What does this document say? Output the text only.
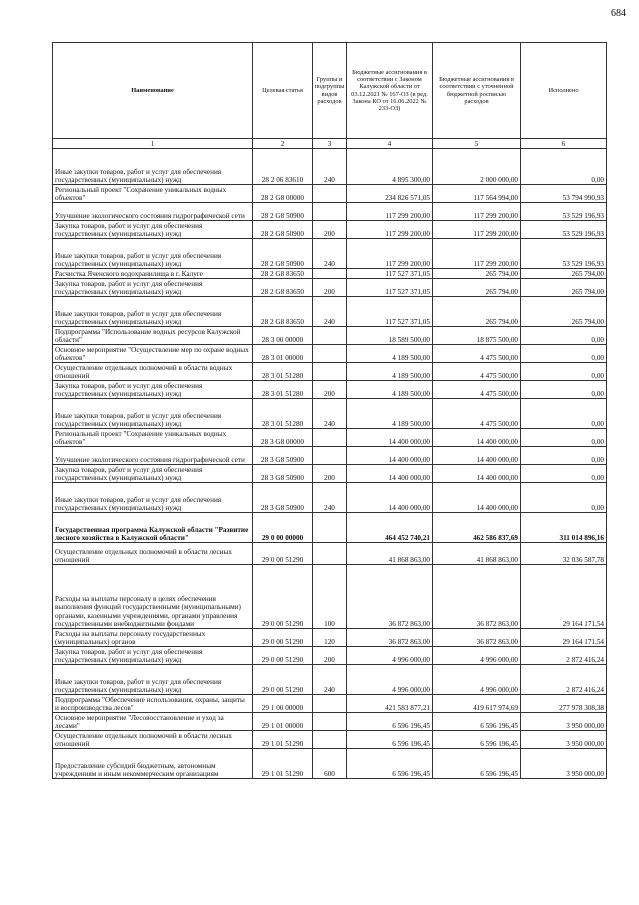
684
Наименование	Целевая статья	Группы и подгруппы видов расходов	Бюджетные ассигнования в соответствии с Законом Калужской области от 03.12.2021 № 167-ОЗ (в ред. Закона КО от 16.06.2022 № 233-ОЗ)	Бюджетные ассигнования в соответствии с уточненной бюджетной росписью расходов	Исполнено
1	2	3	4	5	6
Иные закупки товаров, работ и услуг для обеспечения государственных (муниципальных) нужд	28 2 06 83610	240	4 895 300,00	2 000 000,00	0,00
Региональный проект "Сохранение уникальных водных объектов"	28 2 G8 00000		234 826 571,05	117 564 994,00	53 794 990,93
Улучшение экологического состояния гидрографической сети	28 2 G8 50900		117 299 200,00	117 299 200,00	53 529 196,93
Закупка товаров, работ и услуг для обеспечения государственных (муниципальных) нужд	28 2 G8 50900	200	117 299 200,00	117 299 200,00	53 529 196,93
Иные закупки товаров, работ и услуг для обеспечения государственных (муниципальных) нужд	28 2 G8 50900	240	117 299 200,00	117 299 200,00	53 529 196,93
Расчистка Яченского водохранилища в г. Калуге	28 2 G8 83650		117 527 371,05	265 794,00	265 794,00
Закупка товаров, работ и услуг для обеспечения государственных (муниципальных) нужд	28 2 G8 83650	200	117 527 371,05	265 794,00	265 794,00
Иные закупки товаров, работ и услуг для обеспечения государственных (муниципальных) нужд	28 2 G8 83650	240	117 527 371,05	265 794,00	265 794,00
Подпрограмма "Использование водных ресурсов Калужской области"	28 3 00 00000		18 589 500,00	18 875 500,00	0,00
Основное мероприятие "Осуществление мер по охране водных объектов"	28 3 01 00000		4 189 500,00	4 475 500,00	0,00
Осуществление отдельных полномочий в области водных отношений	28 3 01 51280		4 189 500,00	4 475 500,00	0,00
Закупка товаров, работ и услуг для обеспечения государственных (муниципальных) нужд	28 3 01 51280	200	4 189 500,00	4 475 500,00	0,00
Иные закупки товаров, работ и услуг для обеспечения государственных (муниципальных) нужд	28 3 01 51280	240	4 189 500,00	4 475 500,00	0,00
Региональный проект "Сохранение уникальных водных объектов"	28 3 G8 00000		14 400 000,00	14 400 000,00	0,00
Улучшение экологического состояния гидрографической сети	28 3 G8 50900		14 400 000,00	14 400 000,00	0,00
Закупка товаров, работ и услуг для обеспечения государственных (муниципальных) нужд	28 3 G8 50900	200	14 400 000,00	14 400 000,00	0,00
Иные закупки товаров, работ и услуг для обеспечения государственных (муниципальных) нужд	28 3 G8 50900	240	14 400 000,00	14 400 000,00	0,00
Государственная программа Калужской области "Развитие лесного хозяйства в Калужской области"	29 0 00 00000		464 452 740,21	462 586 837,69	311 014 896,16
Осуществление отдельных полномочий в области лесных отношений	29 0 00 51290		41 868 863,00	41 868 863,00	32 036 587,78
Расходы на выплаты персоналу в целях обеспечения выполнения функций государственными (муниципальными) органами, казенными учреждениями, органами управления государственными внебюджетными фондами	29 0 00 51290	100	36 872 863,00	36 872 863,00	29 164 171,54
Расходы на выплаты персоналу государственных (муниципальных) органов	29 0 00 51290	120	36 872 863,00	36 872 863,00	29 164 171,54
Закупка товаров, работ и услуг для обеспечения государственных (муниципальных) нужд	29 0 00 51290	200	4 996 000,00	4 996 000,00	2 872 416,24
Иные закупки товаров, работ и услуг для обеспечения государственных (муниципальных) нужд	29 0 00 51290	240	4 996 000,00	4 996 000,00	2 872 416,24
Подпрограмма "Обеспечение использования, охраны, защиты и воспроизводства лесов"	29 1 00 00000		421 583 877,21	419 617 974,69	277 978 308,38
Основное мероприятие "Лесовосстановление и уход за лесами"	29 1 01 00000		6 596 196,45	6 596 196,45	3 950 000,00
Осуществление отдельных полномочий в области лесных отношений	29 1 01 51290		6 596 196,45	6 596 196,45	3 950 000,00
Предоставление субсидий бюджетным, автономным учреждениям и иным некоммерческим организациям	29 1 01 51290	600	6 596 196,45	6 596 196,45	3 950 000,00
